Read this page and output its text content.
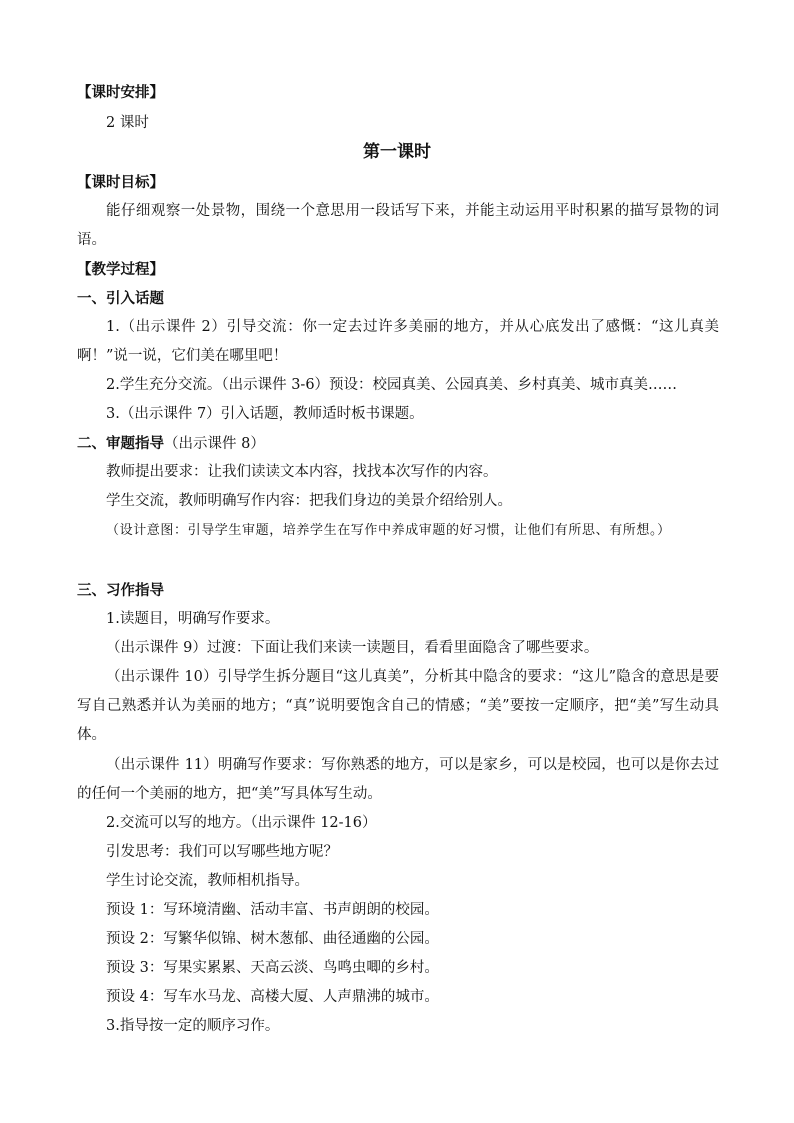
【课时安排】
2 课时
第一课时
【课时目标】
能仔细观察一处景物，围绕一个意思用一段话写下来，并能主动运用平时积累的描写景物的词语。
【教学过程】
一、引入话题
1.（出示课件 2）引导交流：你一定去过许多美丽的地方，并从心底发出了感慨：“这儿真美啊！”说一说，它们美在哪里吧！
2.学生充分交流。（出示课件 3-6）预设：校园真美、公园真美、乡村真美、城市真美……
3.（出示课件 7）引入话题，教师适时板书课题。
二、审题指导（出示课件 8）
教师提出要求：让我们读读文本内容，找找本次写作的内容。
学生交流，教师明确写作内容：把我们身边的美景介绍给别人。
（设计意图：引导学生审题，培养学生在写作中养成审题的好习惯，让他们有所思、有所想。）
三、习作指导
1.读题目，明确写作要求。
（出示课件 9）过渡：下面让我们来读一读题目，看看里面隐含了哪些要求。
（出示课件 10）引导学生拆分题目“这儿真美”，分析其中隐含的要求：“这儿”隐含的意思是要写自己熟悉并认为美丽的地方；“真”说明要饱含自己的情感；“美”要按一定顺序，把“美”写生动具体。
（出示课件 11）明确写作要求：写你熟悉的地方，可以是家乡，可以是校园，也可以是你去过的任何一个美丽的地方，把“美”写具体写生动。
2.交流可以写的地方。（出示课件 12-16）
引发思考：我们可以写哪些地方呢？
学生讨论交流，教师相机指导。
预设 1：写环境清幽、活动丰富、书声朗朗的校园。
预设 2：写繁华似锦、树木葱郁、曲径通幽的公园。
预设 3：写果实累累、天高云淡、鸟鸣虫唧的乡村。
预设 4：写车水马龙、高楼大厦、人声鼎沸的城市。
3.指导按一定的顺序习作。
